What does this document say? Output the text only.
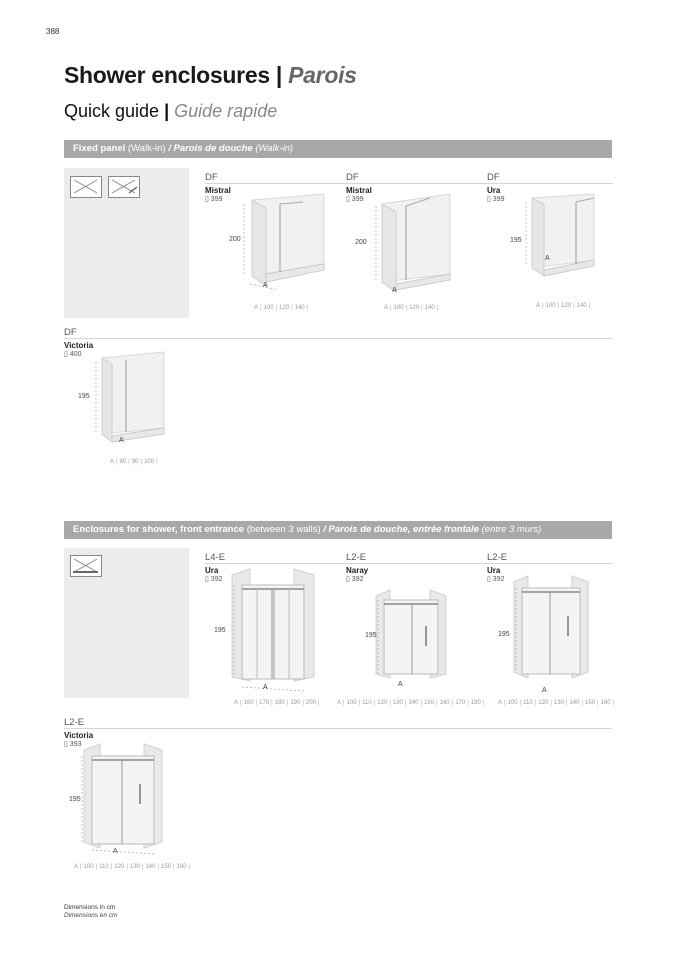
388
Shower enclosures | Parois
Quick guide | Guide rapide
Fixed panel (Walk-in) / Parois de douche (Walk-in)
DF
Mistral
▯ 399
200
A
A | 100 | 120 | 140 |
DF
Mistral
▯ 399
200
A
A | 100 | 120 | 140 |
DF
Ura
▯ 399
195
A
A | 100 | 120 | 140 |
DF
Victoria
▯ 400
195
A
A | 80 | 90 | 100 |
Enclosures for shower, front entrance (between 3 walls) / Parois de douche, entrée frontale (entre 3 murs)
L4-E
Ura
▯ 392
195
A
A | 160 | 170 | 180 | 190 | 200 |
L2-E
Naray
▯ 392
195
A
A | 100 | 110 | 120 | 130 | 140 | 150 | 160 | 170 | 180 |
L2-E
Ura
▯ 392
195
A
A | 100 | 110 | 120 | 130 | 140 | 150 | 160 |
L2-E
Victoria
▯ 393
195
A
A | 100 | 110 | 120 | 130 | 140 | 150 | 160 |
Dimensions in cm
Dimensions en cm
